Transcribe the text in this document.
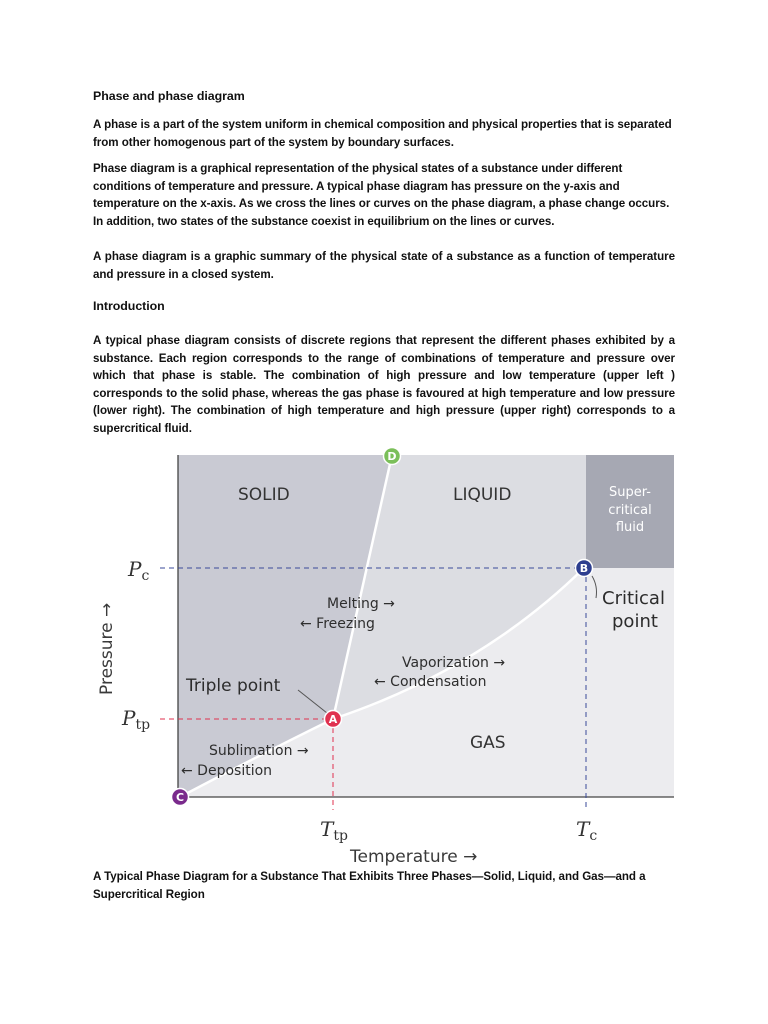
Phase and phase diagram
A phase is a part of the system uniform in chemical composition and physical properties that is separated from other homogenous part of the system by boundary surfaces.
Phase diagram is a graphical representation of the physical states of a substance under different conditions of temperature and pressure. A typical phase diagram has pressure on the y-axis and temperature on the x-axis. As we cross the lines or curves on the phase diagram, a phase change occurs. In addition, two states of the substance coexist in equilibrium on the lines or curves.
A phase diagram is a graphic summary of the physical state of a substance as a function of temperature and pressure in a closed system.
Introduction
A typical phase diagram consists of discrete regions that represent the different phases exhibited by a substance. Each region corresponds to the range of combinations of temperature and pressure over which that phase is stable. The combination of high pressure and low temperature (upper left ) corresponds to the solid phase, whereas the gas phase is favoured at high temperature and low pressure (lower right). The combination of high temperature and high pressure (upper right) corresponds to a supercritical fluid.
SOLID	LIQUID
GAS
Super-
critical
fluid
Melting →
← Freezing
Vaporization →
← Condensation
Sublimation →
← Deposition
Triple point
Critical
point
$P_c$
$P_{tp}$
$T_{tp}$	$T_c$
Temperature →
Pressure →
A
B
C
D
A Typical Phase Diagram for a Substance That Exhibits Three Phases—Solid, Liquid, and Gas—and a Supercritical Region
